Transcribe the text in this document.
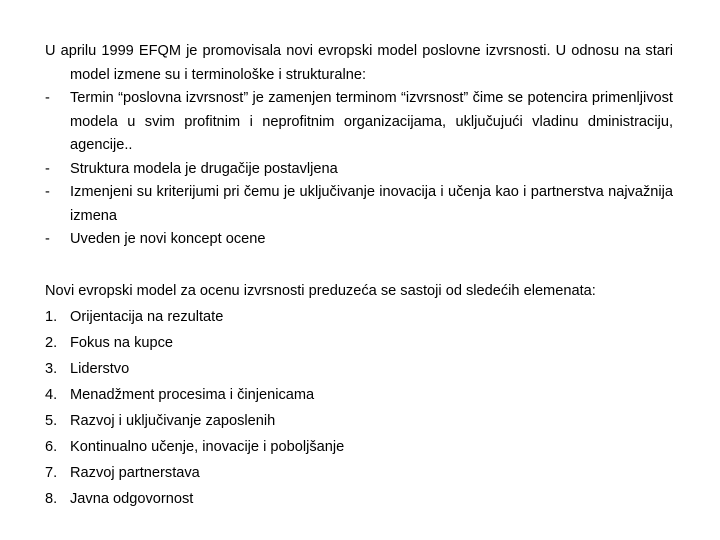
U aprilu 1999 EFQM je promovisala novi evropski model poslovne izvrsnosti. U odnosu na stari model izmene su i terminološke i strukturalne:

-	Termin “poslovna izvrsnost” je zamenjen terminom “izvrsnost” čime se potencira primenljivost modela u svim profitnim i neprofitnim organizacijama, uključujući vladinu dministraciju, agencije..
-	Struktura modela je drugačije postavljena
-	Izmenjeni su kriterijumi pri čemu je uključivanje inovacija i učenja kao i partnerstva najvažnija izmena
-	Uveden je novi koncept ocene

Novi evropski model za ocenu izvrsnosti preduzeća se sastoji od sledećih elemenata:

1. Orijentacija na rezultate
2. Fokus na kupce
3. Liderstvo
4. Menadžment procesima i činjenicama
5. Razvoj i uključivanje zaposlenih
6. Kontinualno učenje, inovacije i poboljšanje
7. Razvoj partnerstava
8. Javna odgovornost
